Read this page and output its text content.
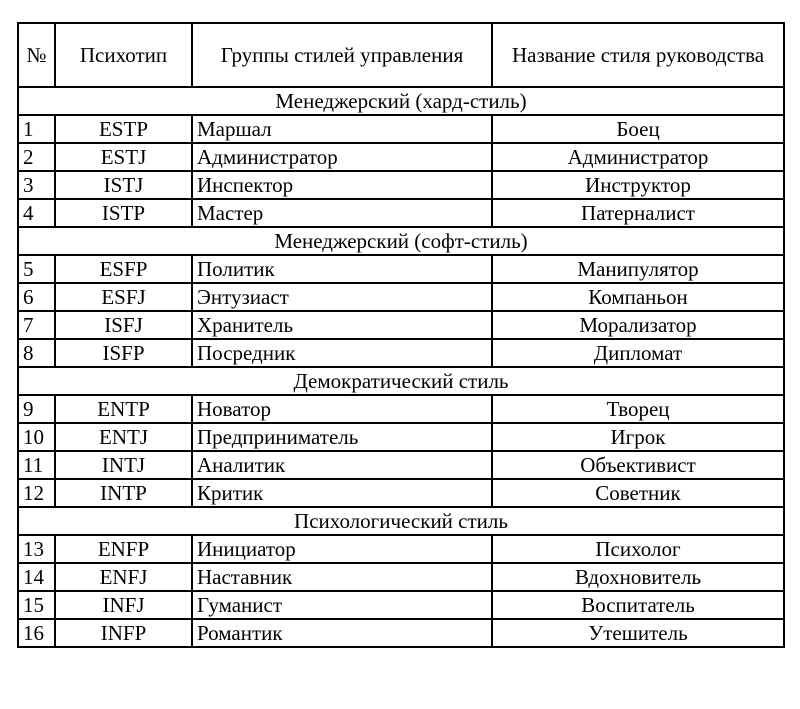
№	Психотип	Группы стилей управления	Название стиля руководства
Менеджерский (хард-стиль)			
1	ESTP	Маршал	Боец
2	ESTJ	Администратор	Администратор
3	ISTJ	Инспектор	Инструктор
4	ISTP	Мастер	Патерналист
Менеджерский (софт-стиль)			
5	ESFP	Политик	Манипулятор
6	ESFJ	Энтузиаст	Компаньон
7	ISFJ	Хранитель	Морализатор
8	ISFP	Посредник	Дипломат
Демократический стиль			
9	ENTP	Новатор	Творец
10	ENTJ	Предприниматель	Игрок
11	INTJ	Аналитик	Объективист
12	INTP	Критик	Советник
Психологический стиль			
13	ENFP	Инициатор	Психолог
14	ENFJ	Наставник	Вдохновитель
15	INFJ	Гуманист	Воспитатель
16	INFP	Романтик	Утешитель
